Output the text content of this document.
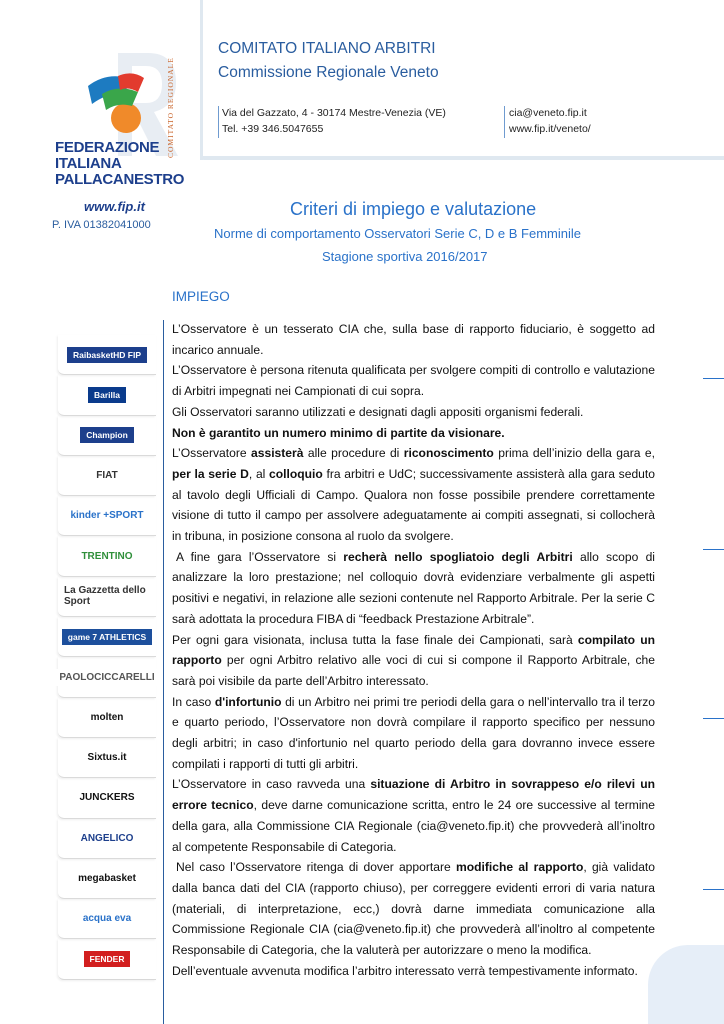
COMITATO ITALIANO ARBITRI
Commissione Regionale Veneto
Via del Gazzato, 4 - 30174 Mestre-Venezia (VE)
Tel. +39 346.5047655
cia@veneto.fip.it
www.fip.it/veneto/
COMITATO REGIONALE
FEDERAZIONE
ITALIANA
PALLACANESTRO
www.fip.it
P. IVA 01382041000
Criteri di impiego e valutazione
Norme di comportamento Osservatori Serie C, D e B Femminile
Stagione sportiva 2016/2017
IMPIEGO
RaibasketHD FIP
Barilla
Champion
FIAT
kinder +SPORT
TRENTINO
La Gazzetta dello Sport
game 7 ATHLETICS
PAOLOCICCARELLI
molten
Sixtus.it
JUNCKERS
ANGELICO
megabasket
acqua eva
FENDER

L’Osservatore è un tesserato CIA che, sulla base di rapporto fiduciario, è soggetto ad incarico annuale.

L’Osservatore è persona ritenuta qualificata per svolgere compiti di controllo e valutazione di Arbitri impegnati nei Campionati di cui sopra.

Gli Osservatori saranno utilizzati e designati dagli appositi organismi federali.

Non è garantito un numero minimo di partite da visionare.

L’Osservatore assisterà alle procedure di riconoscimento prima dell’inizio della gara e, per la serie D, al colloquio fra arbitri e UdC; successivamente assisterà alla gara seduto al tavolo degli Ufficiali di Campo. Qualora non fosse possibile prendere correttamente visione di tutto il campo per assolvere adeguatamente ai compiti assegnati, si collocherà in tribuna, in posizione consona al ruolo da svolgere.

A fine gara l’Osservatore si recherà nello spogliatoio degli Arbitri allo scopo di analizzare la loro prestazione; nel colloquio dovrà evidenziare verbalmente gli aspetti positivi e negativi, in relazione alle sezioni contenute nel Rapporto Arbitrale. Per la serie C sarà adottata la procedura FIBA di “feedback Prestazione Arbitrale”.

Per ogni gara visionata, inclusa tutta la fase finale dei Campionati, sarà compilato un rapporto per ogni Arbitro relativo alle voci di cui si compone il Rapporto Arbitrale, che sarà poi visibile da parte dell’Arbitro interessato.

In caso d'infortunio di un Arbitro nei primi tre periodi della gara o nell’intervallo tra il terzo e quarto periodo, l’Osservatore non dovrà compilare il rapporto specifico per nessuno degli arbitri; in caso d'infortunio nel quarto periodo della gara dovranno invece essere compilati i rapporti di tutti gli arbitri.

L’Osservatore in caso ravveda una situazione di Arbitro in sovrappeso e/o rilevi un errore tecnico, deve darne comunicazione scritta, entro le 24 ore successive al termine della gara, alla Commissione CIA Regionale (cia@veneto.fip.it) che provvederà all’inoltro al competente Responsabile di Categoria.

Nel caso l’Osservatore ritenga di dover apportare modifiche al rapporto, già validato dalla banca dati del CIA (rapporto chiuso), per correggere evidenti errori di varia natura (materiali, di interpretazione, ecc,) dovrà darne immediata comunicazione alla Commissione Regionale CIA (cia@veneto.fip.it) che provvederà all’inoltro al competente Responsabile di Categoria, che la valuterà per autorizzare o meno la modifica.

Dell’eventuale avvenuta modifica l’arbitro interessato verrà tempestivamente informato.
